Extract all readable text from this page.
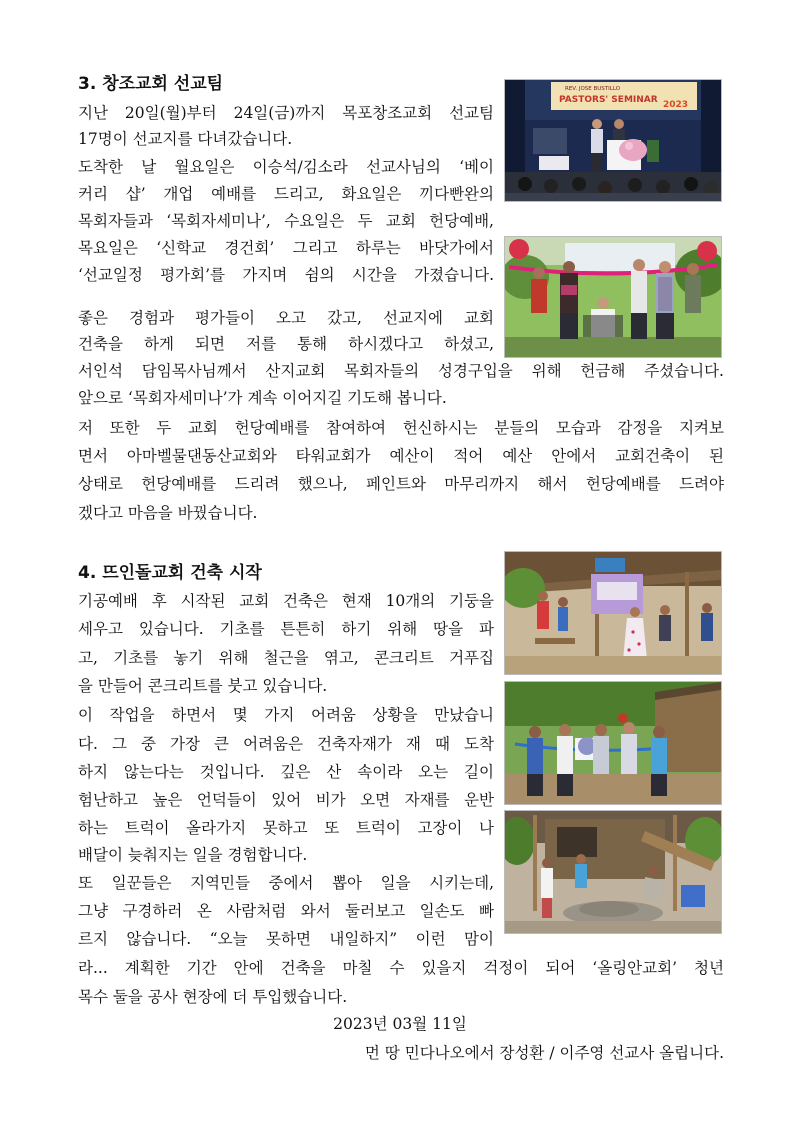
3. 창조교회 선교팀
지난 20일(월)부터 24일(금)까지 목포창조교회 선교팀
17명이 선교지를 다녀갔습니다.
도착한 날 월요일은 이승석/김소라 선교사님의 ‘베이
커리 샵’ 개업 예배를 드리고, 화요일은 끼다빤완의
목회자들과 ‘목회자세미나’, 수요일은 두 교회 헌당예배,
목요일은 ‘신학교 경건회’ 그리고 하루는 바닷가에서
‘선교일정 평가회’를 가지며 쉼의 시간을 가졌습니다.
좋은 경험과 평가들이 오고 갔고, 선교지에 교회
건축을 하게 되면 저를 통해 하시겠다고 하셨고,
서인석 담임목사님께서 산지교회 목회자들의 성경구입을 위해 헌금해 주셨습니다.
앞으로 ‘목회자세미나’가 계속 이어지길 기도해 봅니다.
저 또한 두 교회 헌당예배를 참여하여 헌신하시는 분들의 모습과 감정을 지켜보
면서 아마벨물댄동산교회와 타워교회가 예산이 적어 예산 안에서 교회건축이 된
상태로 헌당예배를 드리려 했으나, 페인트와 마무리까지 해서 헌당예배를 드려야
겠다고 마음을 바꿨습니다.
REV. JOSE BUSTILLO
PASTORS' SEMINAR 2023
4. 뜨인돌교회 건축 시작
기공예배 후 시작된 교회 건축은 현재 10개의 기둥을
세우고 있습니다. 기초를 튼튼히 하기 위해 땅을 파
고, 기초를 놓기 위해 철근을 엮고, 콘크리트 거푸집
을 만들어 콘크리트를 붓고 있습니다.
이 작업을 하면서 몇 가지 어려움 상황을 만났습니
다. 그 중 가장 큰 어려움은 건축자재가 재 때 도착
하지 않는다는 것입니다. 깊은 산 속이라 오는 길이
험난하고 높은 언덕들이 있어 비가 오면 자재를 운반
하는 트럭이 올라가지 못하고 또 트럭이 고장이 나
배달이 늦춰지는 일을 경험합니다.
또 일꾼들은 지역민들 중에서 뽑아 일을 시키는데,
그냥 구경하러 온 사람처럼 와서 둘러보고 일손도 빠
르지 않습니다. “오늘 못하면 내일하지” 이런 맘이
라... 계획한 기간 안에 건축을 마칠 수 있을지 걱정이 되어 ‘올링안교회’ 청년
목수 둘을 공사 현장에 더 투입했습니다.
2023년 03월 11일
먼 땅 민다나오에서 장성환 / 이주영 선교사 올립니다.
